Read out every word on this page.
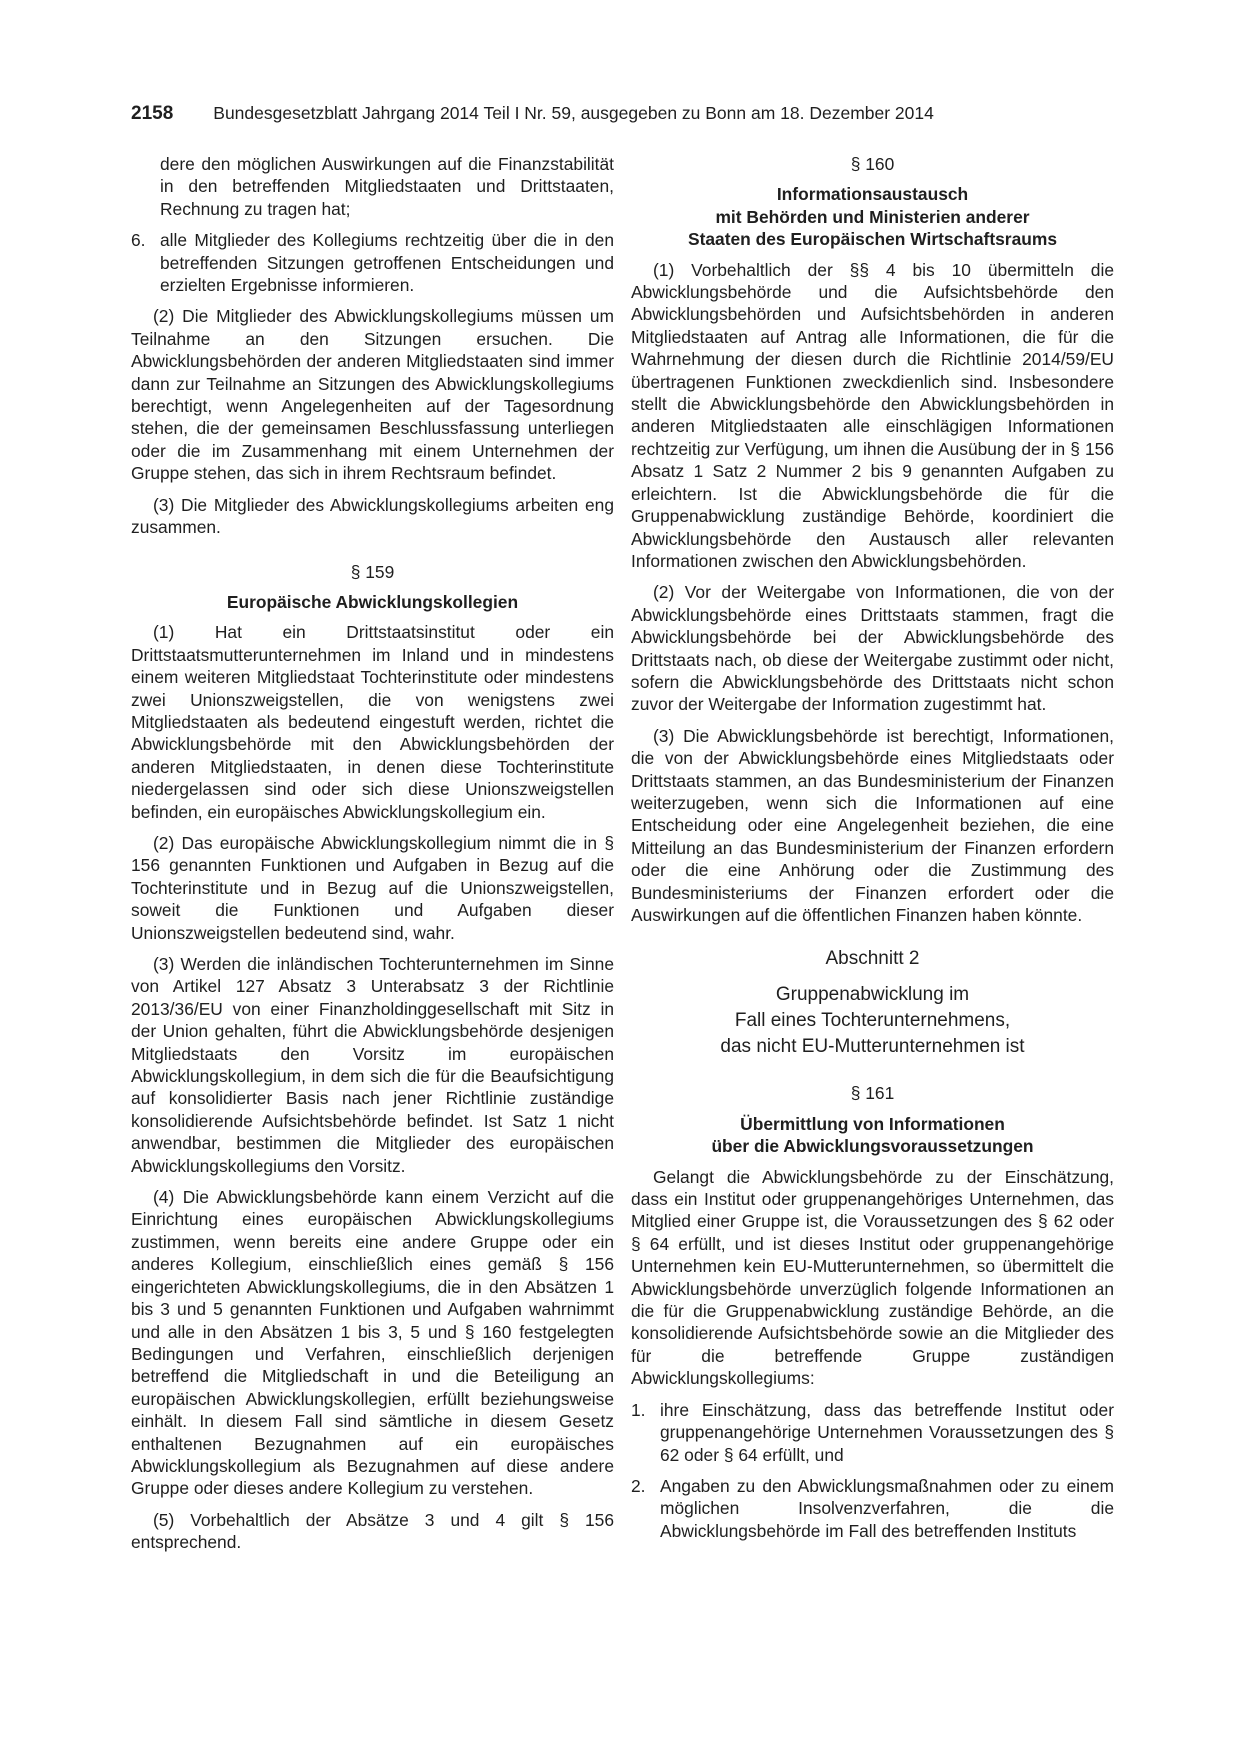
2158 Bundesgesetzblatt Jahrgang 2014 Teil I Nr. 59, ausgegeben zu Bonn am 18. Dezember 2014

dere den möglichen Auswirkungen auf die Finanzstabilität in den betreffenden Mitgliedstaaten und Drittstaaten, Rechnung zu tragen hat;

6. alle Mitglieder des Kollegiums rechtzeitig über die in den betreffenden Sitzungen getroffenen Entscheidungen und erzielten Ergebnisse informieren.

(2) Die Mitglieder des Abwicklungskollegiums müssen um Teilnahme an den Sitzungen ersuchen. Die Abwicklungsbehörden der anderen Mitgliedstaaten sind immer dann zur Teilnahme an Sitzungen des Abwicklungskollegiums berechtigt, wenn Angelegenheiten auf der Tagesordnung stehen, die der gemeinsamen Beschlussfassung unterliegen oder die im Zusammenhang mit einem Unternehmen der Gruppe stehen, das sich in ihrem Rechtsraum befindet.

(3) Die Mitglieder des Abwicklungskollegiums arbeiten eng zusammen.

§ 159
Europäische Abwicklungskollegien

(1) Hat ein Drittstaatsinstitut oder ein Drittstaatsmutterunternehmen im Inland und in mindestens einem weiteren Mitgliedstaat Tochterinstitute oder mindestens zwei Unionszweigstellen, die von wenigstens zwei Mitgliedstaaten als bedeutend eingestuft werden, richtet die Abwicklungsbehörde mit den Abwicklungsbehörden der anderen Mitgliedstaaten, in denen diese Tochterinstitute niedergelassen sind oder sich diese Unionszweigstellen befinden, ein europäisches Abwicklungskollegium ein.

(2) Das europäische Abwicklungskollegium nimmt die in § 156 genannten Funktionen und Aufgaben in Bezug auf die Tochterinstitute und in Bezug auf die Unionszweigstellen, soweit die Funktionen und Aufgaben dieser Unionszweigstellen bedeutend sind, wahr.

(3) Werden die inländischen Tochterunternehmen im Sinne von Artikel 127 Absatz 3 Unterabsatz 3 der Richtlinie 2013/36/EU von einer Finanzholdinggesellschaft mit Sitz in der Union gehalten, führt die Abwicklungsbehörde desjenigen Mitgliedstaats den Vorsitz im europäischen Abwicklungskollegium, in dem sich die für die Beaufsichtigung auf konsolidierter Basis nach jener Richtlinie zuständige konsolidierende Aufsichtsbehörde befindet. Ist Satz 1 nicht anwendbar, bestimmen die Mitglieder des europäischen Abwicklungskollegiums den Vorsitz.

(4) Die Abwicklungsbehörde kann einem Verzicht auf die Einrichtung eines europäischen Abwicklungskollegiums zustimmen, wenn bereits eine andere Gruppe oder ein anderes Kollegium, einschließlich eines gemäß § 156 eingerichteten Abwicklungskollegiums, die in den Absätzen 1 bis 3 und 5 genannten Funktionen und Aufgaben wahrnimmt und alle in den Absätzen 1 bis 3, 5 und § 160 festgelegten Bedingungen und Verfahren, einschließlich derjenigen betreffend die Mitgliedschaft in und die Beteiligung an europäischen Abwicklungskollegien, erfüllt beziehungsweise einhält. In diesem Fall sind sämtliche in diesem Gesetz enthaltenen Bezugnahmen auf ein europäisches Abwicklungskollegium als Bezugnahmen auf diese andere Gruppe oder dieses andere Kollegium zu verstehen.

(5) Vorbehaltlich der Absätze 3 und 4 gilt § 156 entsprechend.

§ 160
Informationsaustausch
mit Behörden und Ministerien anderer
Staaten des Europäischen Wirtschaftsraums

(1) Vorbehaltlich der §§ 4 bis 10 übermitteln die Abwicklungsbehörde und die Aufsichtsbehörde den Abwicklungsbehörden und Aufsichtsbehörden in anderen Mitgliedstaaten auf Antrag alle Informationen, die für die Wahrnehmung der diesen durch die Richtlinie 2014/59/EU übertragenen Funktionen zweckdienlich sind. Insbesondere stellt die Abwicklungsbehörde den Abwicklungsbehörden in anderen Mitgliedstaaten alle einschlägigen Informationen rechtzeitig zur Verfügung, um ihnen die Ausübung der in § 156 Absatz 1 Satz 2 Nummer 2 bis 9 genannten Aufgaben zu erleichtern. Ist die Abwicklungsbehörde die für die Gruppenabwicklung zuständige Behörde, koordiniert die Abwicklungsbehörde den Austausch aller relevanten Informationen zwischen den Abwicklungsbehörden.

(2) Vor der Weitergabe von Informationen, die von der Abwicklungsbehörde eines Drittstaats stammen, fragt die Abwicklungsbehörde bei der Abwicklungsbehörde des Drittstaats nach, ob diese der Weitergabe zustimmt oder nicht, sofern die Abwicklungsbehörde des Drittstaats nicht schon zuvor der Weitergabe der Information zugestimmt hat.

(3) Die Abwicklungsbehörde ist berechtigt, Informationen, die von der Abwicklungsbehörde eines Mitgliedstaats oder Drittstaats stammen, an das Bundesministerium der Finanzen weiterzugeben, wenn sich die Informationen auf eine Entscheidung oder eine Angelegenheit beziehen, die eine Mitteilung an das Bundesministerium der Finanzen erfordern oder die eine Anhörung oder die Zustimmung des Bundesministeriums der Finanzen erfordert oder die Auswirkungen auf die öffentlichen Finanzen haben könnte.

Abschnitt 2
Gruppenabwicklung im
Fall eines Tochterunternehmens,
das nicht EU-Mutterunternehmen ist
§ 161
Übermittlung von Informationen
über die Abwicklungsvoraussetzungen

Gelangt die Abwicklungsbehörde zu der Einschätzung, dass ein Institut oder gruppenangehöriges Unternehmen, das Mitglied einer Gruppe ist, die Voraussetzungen des § 62 oder § 64 erfüllt, und ist dieses Institut oder gruppenangehörige Unternehmen kein EU-Mutterunternehmen, so übermittelt die Abwicklungsbehörde unverzüglich folgende Informationen an die für die Gruppenabwicklung zuständige Behörde, an die konsolidierende Aufsichtsbehörde sowie an die Mitglieder des für die betreffende Gruppe zuständigen Abwicklungskollegiums:

1. ihre Einschätzung, dass das betreffende Institut oder gruppenangehörige Unternehmen Voraussetzungen des § 62 oder § 64 erfüllt, und
2. Angaben zu den Abwicklungsmaßnahmen oder zu einem möglichen Insolvenzverfahren, die die Abwicklungsbehörde im Fall des betreffenden Instituts
